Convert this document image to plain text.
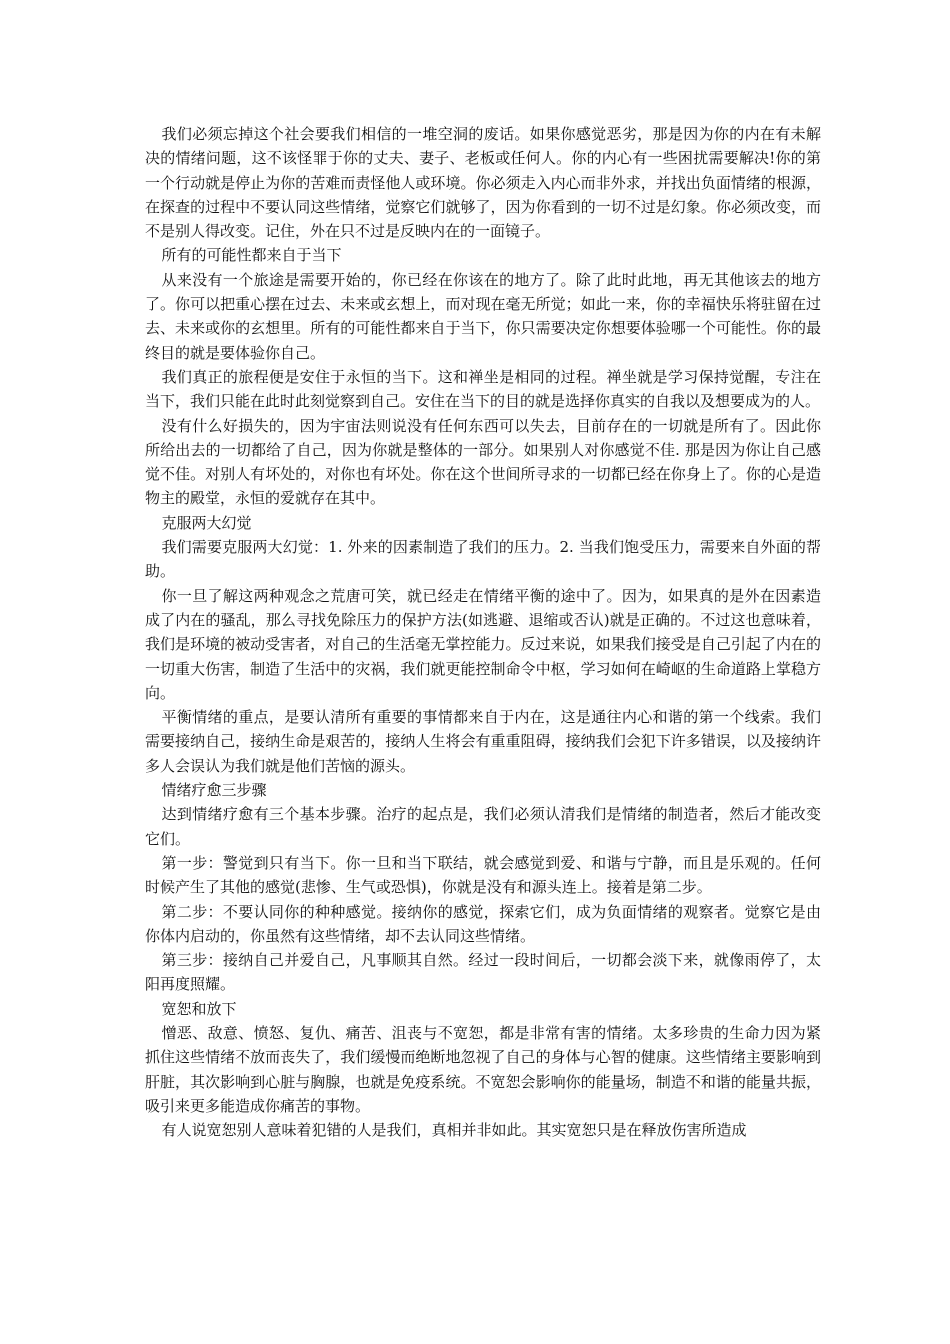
我们必须忘掉这个社会要我们相信的一堆空洞的废话。如果你感觉恶劣，那是因为你的内在有未解决的情绪问题，这不该怪罪于你的丈夫、妻子、老板或任何人。你的内心有一些困扰需要解决!你的第一个行动就是停止为你的苦难而责怪他人或环境。你必须走入内心而非外求，并找出负面情绪的根源，在探查的过程中不要认同这些情绪，觉察它们就够了，因为你看到的一切不过是幻象。你必须改变，而不是别人得改变。记住，外在只不过是反映内在的一面镜子。

所有的可能性都来自于当下

从来没有一个旅途是需要开始的，你已经在你该在的地方了。除了此时此地，再无其他该去的地方了。你可以把重心摆在过去、未来或玄想上，而对现在毫无所觉；如此一来，你的幸福快乐将驻留在过去、未来或你的玄想里。所有的可能性都来自于当下，你只需要决定你想要体验哪一个可能性。你的最终目的就是要体验你自己。

我们真正的旅程便是安住于永恒的当下。这和禅坐是相同的过程。禅坐就是学习保持觉醒，专注在当下，我们只能在此时此刻觉察到自己。安住在当下的目的就是选择你真实的自我以及想要成为的人。

没有什么好损失的，因为宇宙法则说没有任何东西可以失去，目前存在的一切就是所有了。因此你所给出去的一切都给了自己，因为你就是整体的一部分。如果别人对你感觉不佳. 那是因为你让自己感觉不佳。对别人有坏处的，对你也有坏处。你在这个世间所寻求的一切都已经在你身上了。你的心是造物主的殿堂，永恒的爱就存在其中。

克服两大幻觉

我们需要克服两大幻觉：1. 外来的因素制造了我们的压力。2. 当我们饱受压力，需要来自外面的帮助。

你一旦了解这两种观念之荒唐可笑，就已经走在情绪平衡的途中了。因为，如果真的是外在因素造成了内在的骚乱，那么寻找免除压力的保护方法(如逃避、退缩或否认)就是正确的。不过这也意味着，我们是环境的被动受害者，对自己的生活毫无掌控能力。反过来说，如果我们接受是自己引起了内在的一切重大伤害，制造了生活中的灾祸，我们就更能控制命令中枢，学习如何在崎岖的生命道路上掌稳方向。

平衡情绪的重点，是要认清所有重要的事情都来自于内在，这是通往内心和谐的第一个线索。我们需要接纳自己，接纳生命是艰苦的，接纳人生将会有重重阻碍，接纳我们会犯下许多错误，以及接纳许多人会误认为我们就是他们苦恼的源头。

情绪疗愈三步骤

达到情绪疗愈有三个基本步骤。治疗的起点是，我们必须认清我们是情绪的制造者，然后才能改变它们。

第一步：警觉到只有当下。你一旦和当下联结，就会感觉到爱、和谐与宁静，而且是乐观的。任何时候产生了其他的感觉(悲惨、生气或恐惧)，你就是没有和源头连上。接着是第二步。

第二步：不要认同你的种种感觉。接纳你的感觉，探索它们，成为负面情绪的观察者。觉察它是由你体内启动的，你虽然有这些情绪，却不去认同这些情绪。

第三步：接纳自己并爱自己，凡事顺其自然。经过一段时间后，一切都会淡下来，就像雨停了，太阳再度照耀。

宽恕和放下

憎恶、敌意、愤怒、复仇、痛苦、沮丧与不宽恕，都是非常有害的情绪。太多珍贵的生命力因为紧抓住这些情绪不放而丧失了，我们缓慢而绝断地忽视了自己的身体与心智的健康。这些情绪主要影响到肝脏，其次影响到心脏与胸腺，也就是免疫系统。不宽恕会影响你的能量场，制造不和谐的能量共振，吸引来更多能造成你痛苦的事物。

有人说宽恕别人意味着犯错的人是我们，真相并非如此。其实宽恕只是在释放伤害所造成
